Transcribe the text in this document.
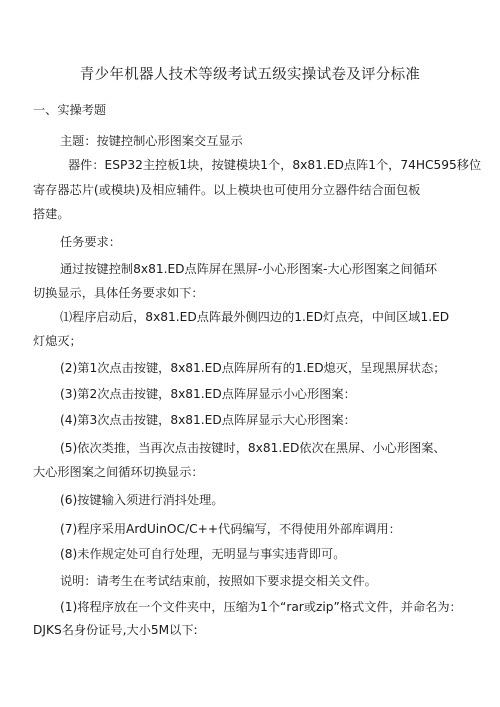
青少年机器人技术等级考试五级实操试卷及评分标准
一、实操考题
主题：按键控制心形图案交互显示
器件：ESP32主控板1块，按键模块1个，8x81.ED点阵1个，74HC595移位
寄存器芯片(或模块)及相应辅件。以上模块也可使用分立器件结合面包板
搭建。
任务要求：
通过按键控制8x81.ED点阵屏在黑屏-小心形图案-大心形图案之间循环
切换显示，具体任务要求如下：
⑴程序启动后，8x81.ED点阵最外侧四边的1.ED灯点亮，中间区域1.ED
灯熄灭；
(2)第1次点击按键，8x81.ED点阵屏所有的1.ED熄灭，呈现黑屏状态；
(3)第2次点击按键，8x81.ED点阵屏显示小心形图案：
(4)第3次点击按键，8x81.ED点阵屏显示大心形图案：
(5)依次类推，当再次点击按键时，8x81.ED依次在黑屏、小心形图案、
大心形图案之间循环切换显示：
(6)按键输入须进行消抖处理。
(7)程序采用ArdUinOC/C++代码编写，不得使用外部库调用：
(8)未作规定处可自行处理，无明显与事实违背即可。
说明：请考生在考试结束前，按照如下要求提交相关文件。
(1)将程序放在一个文件夹中，压缩为1个“rar或zip”格式文件，并命名为：
DJKS名身份证号,大小5M以下:
